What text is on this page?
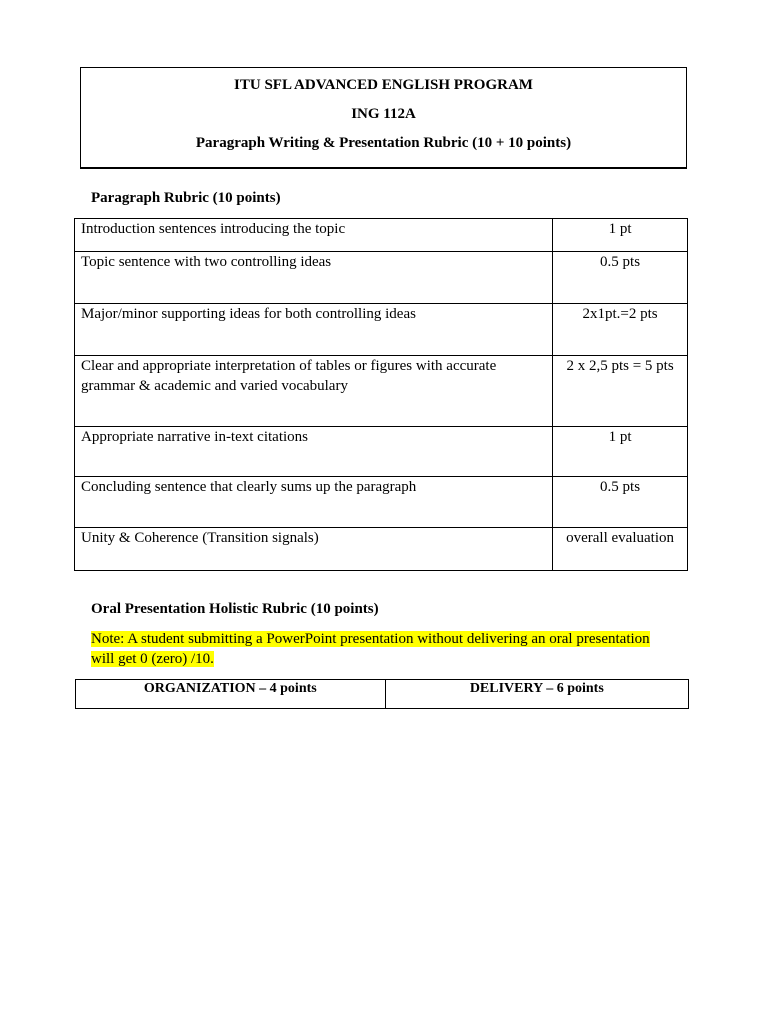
ITU SFL ADVANCED ENGLISH PROGRAM
ING 112A
Paragraph Writing & Presentation Rubric (10 + 10 points)
Paragraph Rubric (10 points)
Introduction sentences introducing the topic	1 pt
Topic sentence with two controlling ideas	0.5 pts
Major/minor supporting ideas for both controlling ideas	2x1pt.=2 pts
Clear and appropriate interpretation of tables or figures with accurate grammar & academic and varied vocabulary	2 x 2,5 pts = 5 pts
Appropriate narrative in-text citations	1 pt
Concluding sentence that clearly sums up the paragraph	0.5 pts
Unity & Coherence (Transition signals)	overall evaluation
Oral Presentation Holistic Rubric (10 points)
Note: A student submitting a PowerPoint presentation without delivering an oral presentation will get 0 (zero) /10.
ORGANIZATION – 4 points	DELIVERY – 6 points
